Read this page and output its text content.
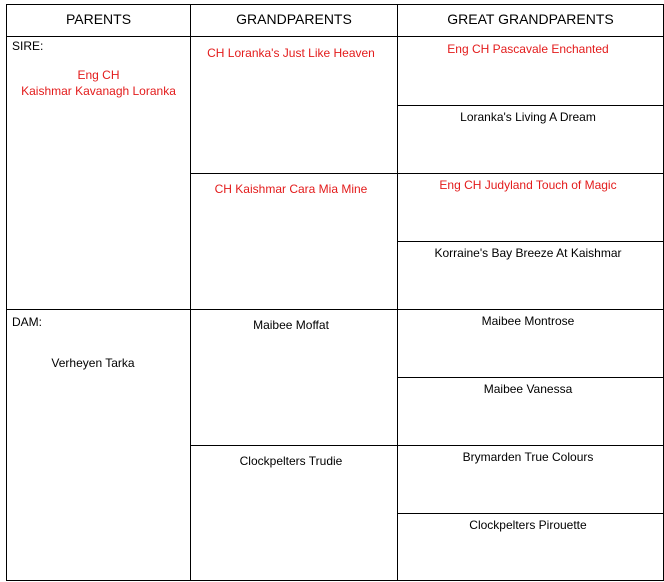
PARENTS	GRANDPARENTS	GREAT GRANDPARENTS
SIRE:
Eng CH
Kaishmar Kavanagh Loranka
DAM:
Verheyen Tarka
CH Loranka's Just Like Heaven
CH Kaishmar Cara Mia Mine
Maibee Moffat
Clockpelters Trudie
Eng CH Pascavale Enchanted
Loranka's Living A Dream
Eng CH Judyland Touch of Magic
Korraine's Bay Breeze At Kaishmar
Maibee Montrose
Maibee Vanessa
Brymarden True Colours
Clockpelters Pirouette
